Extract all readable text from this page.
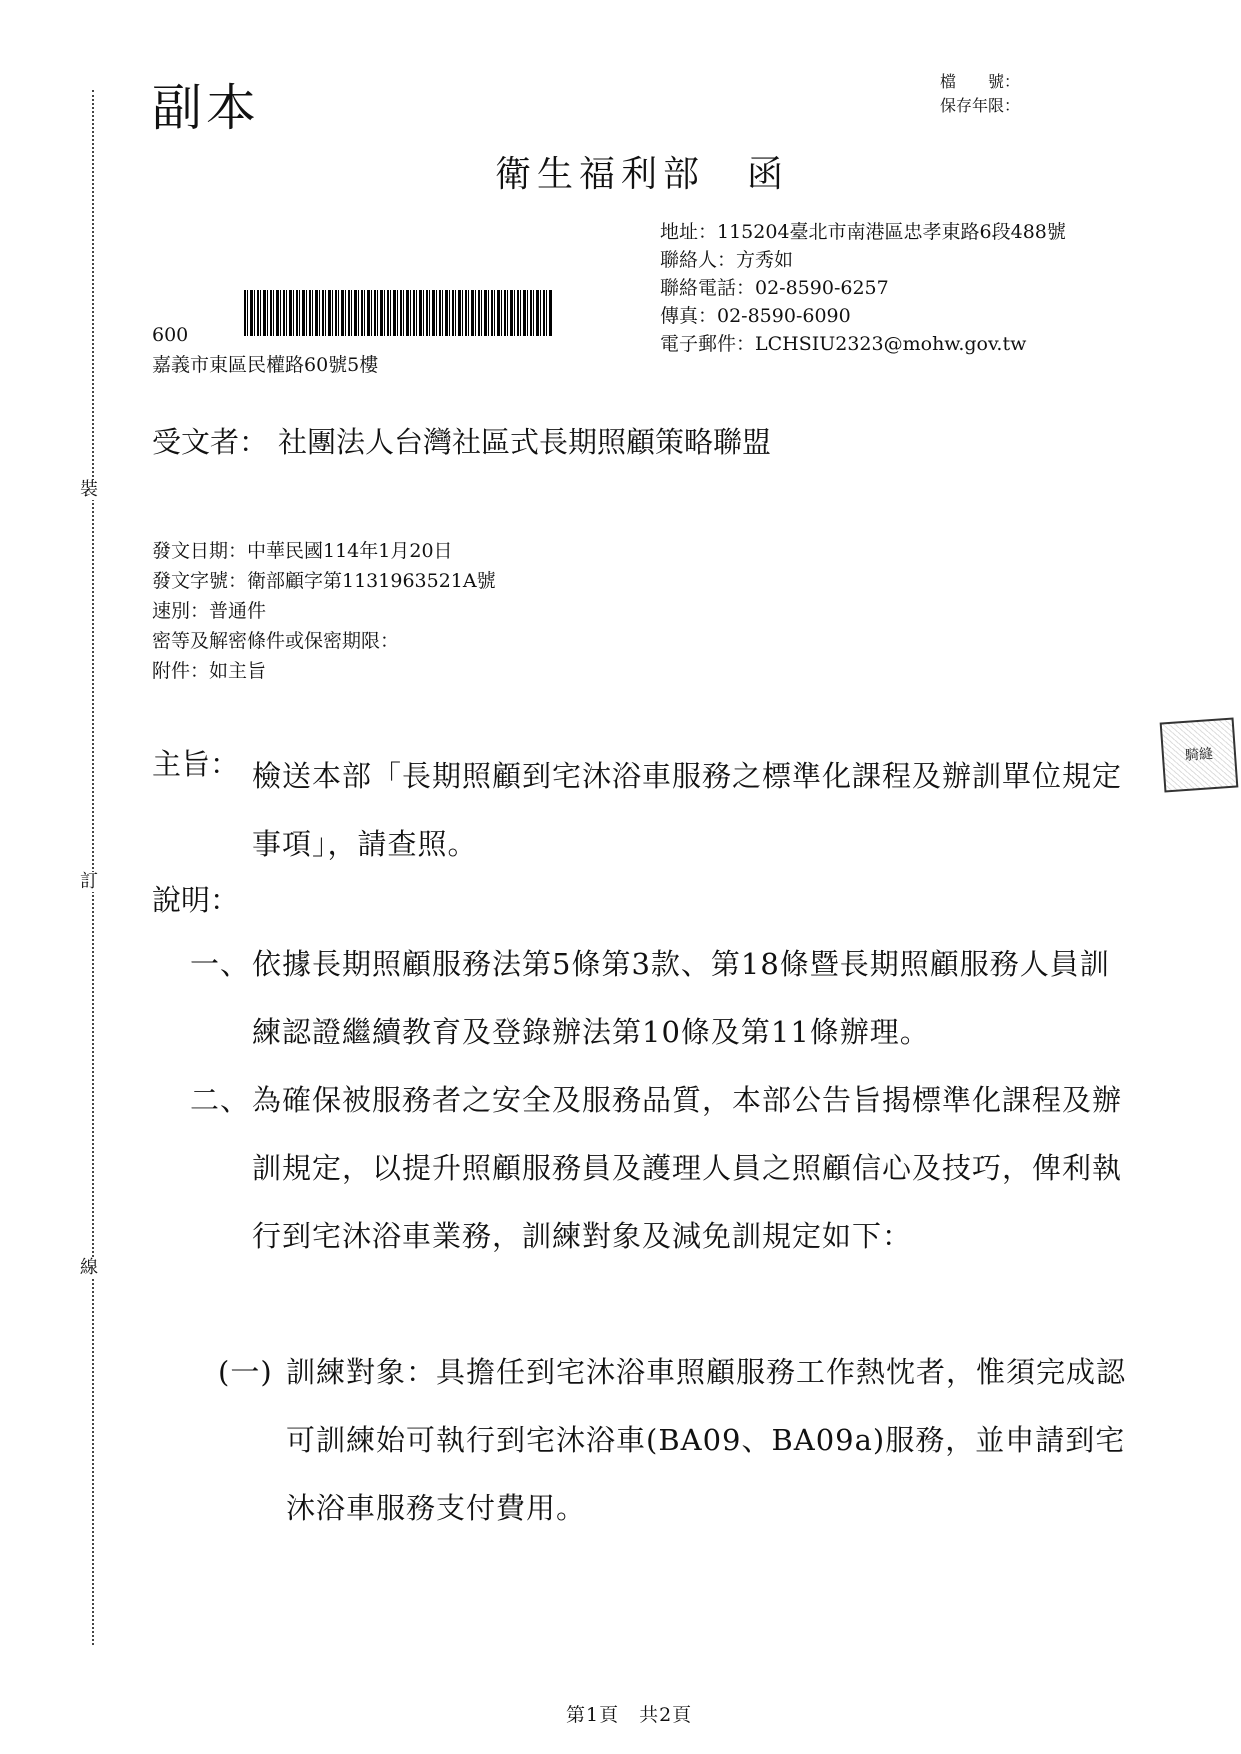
裝
訂
線
副本	檔　　號：
保存年限：
衛生福利部　函
地址：115204臺北市南港區忠孝東路6段488號
聯絡人：方秀如
聯絡電話：02-8590-6257
傳真：02-8590-6090
電子郵件：LCHSIU2323@mohw.gov.tw
600
嘉義市東區民權路60號5樓
受文者： 社團法人台灣社區式長期照顧策略聯盟
發文日期：中華民國114年1月20日
發文字號：衛部顧字第1131963521A號
速別：普通件
密等及解密條件或保密期限：
附件：如主旨
騎縫
主旨： 檢送本部「長期照顧到宅沐浴車服務之標準化課程及辦訓單位規定事項」，請查照。
說明：
一、 依據長期照顧服務法第5條第3款、第18條暨長期照顧服務人員訓練認證繼續教育及登錄辦法第10條及第11條辦理。
二、 為確保被服務者之安全及服務品質，本部公告旨揭標準化課程及辦訓規定，以提升照顧服務員及護理人員之照顧信心及技巧，俾利執行到宅沐浴車業務，訓練對象及減免訓規定如下：
(一) 訓練對象：具擔任到宅沐浴車照顧服務工作熱忱者，惟須完成認可訓練始可執行到宅沐浴車(BA09、BA09a)服務，並申請到宅沐浴車服務支付費用。
第1頁　共2頁
